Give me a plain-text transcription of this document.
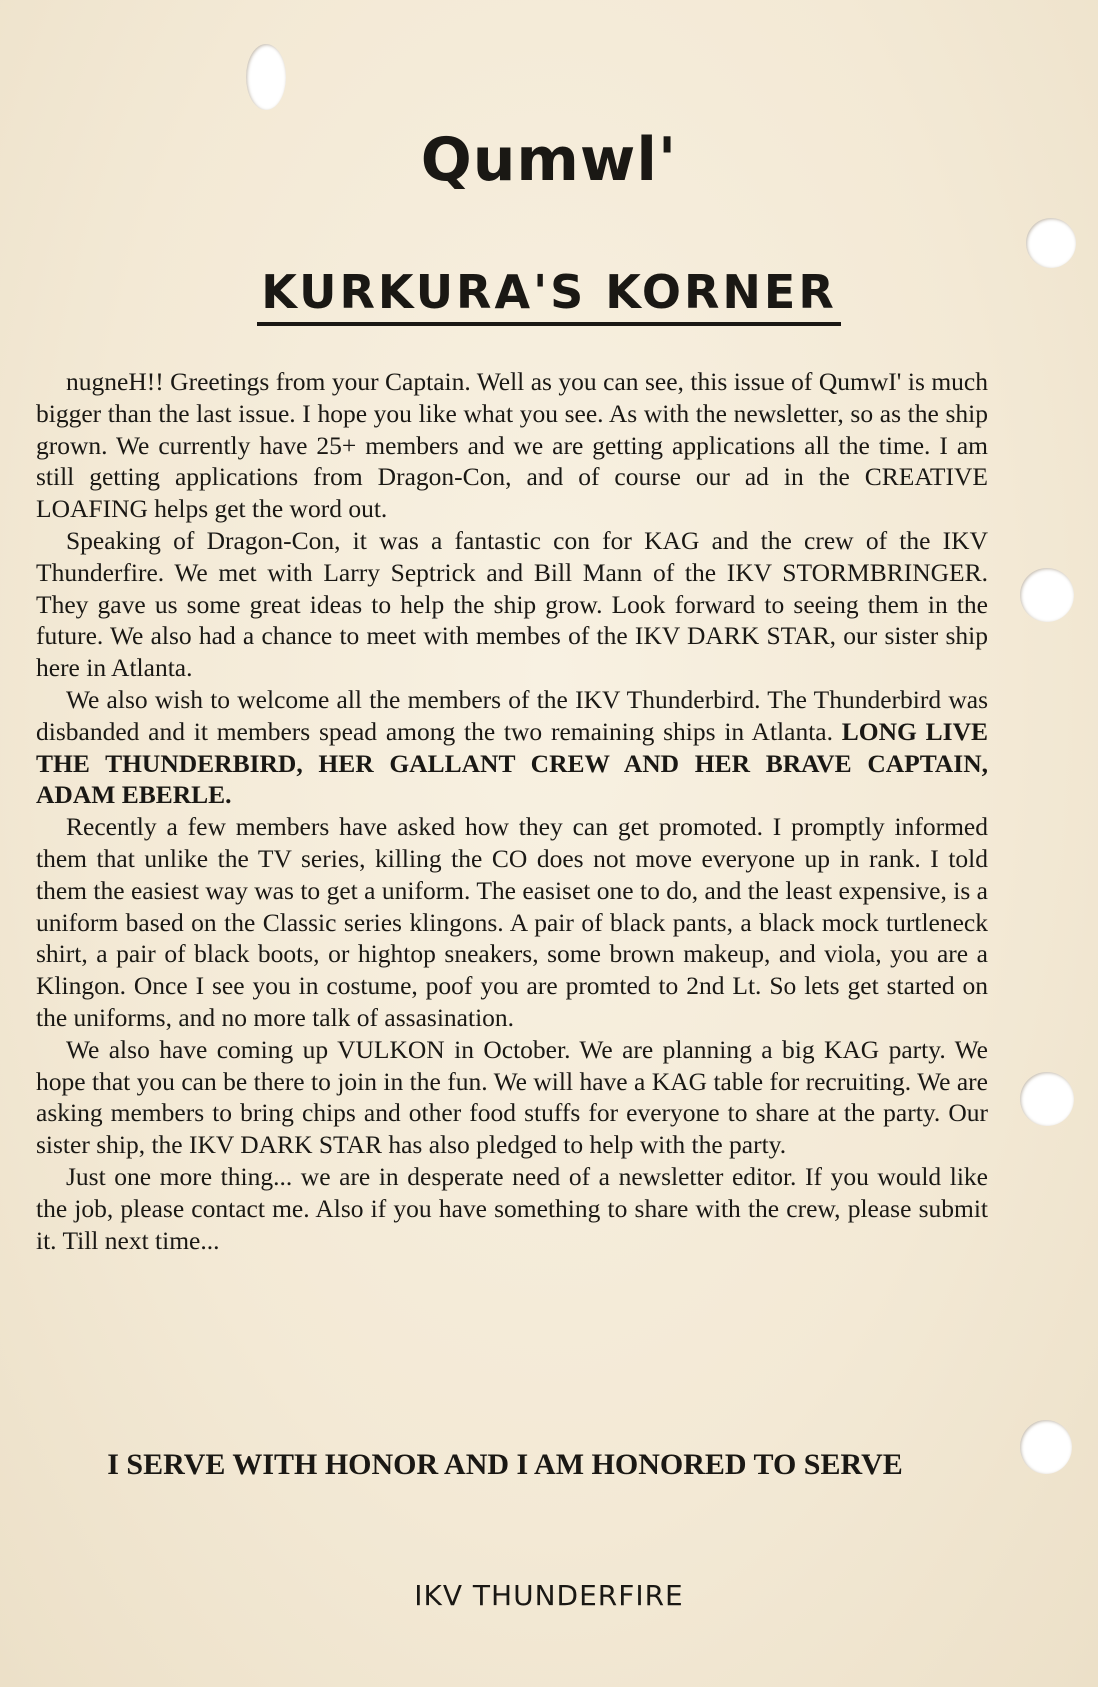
Qumwl'
KURKURA'S KORNER

nugneH!! Greetings from your Captain. Well as you can see, this issue of QumwI' is much bigger than the last issue. I hope you like what you see. As with the newsletter, so as the ship grown. We currently have 25+ members and we are getting applications all the time. I am still getting applications from Dragon-Con, and of course our ad in the CREATIVE LOAFING helps get the word out.

Speaking of Dragon-Con, it was a fantastic con for KAG and the crew of the IKV Thunderfire. We met with Larry Septrick and Bill Mann of the IKV STORMBRINGER. They gave us some great ideas to help the ship grow. Look forward to seeing them in the future. We also had a chance to meet with membes of the IKV DARK STAR, our sister ship here in Atlanta.

We also wish to welcome all the members of the IKV Thunderbird. The Thunderbird was disbanded and it members spead among the two remaining ships in Atlanta. LONG LIVE THE THUNDERBIRD, HER GALLANT CREW AND HER BRAVE CAPTAIN, ADAM EBERLE.

Recently a few members have asked how they can get promoted. I promptly informed them that unlike the TV series, killing the CO does not move everyone up in rank. I told them the easiest way was to get a uniform. The easiset one to do, and the least expensive, is a uniform based on the Classic series klingons. A pair of black pants, a black mock turtleneck shirt, a pair of black boots, or hightop sneakers, some brown makeup, and viola, you are a Klingon. Once I see you in costume, poof you are promted to 2nd Lt. So lets get started on the uniforms, and no more talk of assasination.

We also have coming up VULKON in October. We are planning a big KAG party. We hope that you can be there to join in the fun. We will have a KAG table for recruiting. We are asking members to bring chips and other food stuffs for everyone to share at the party. Our sister ship, the IKV DARK STAR has also pledged to help with the party.

Just one more thing... we are in desperate need of a newsletter editor. If you would like the job, please contact me. Also if you have something to share with the crew, please submit it. Till next time...

I SERVE WITH HONOR AND I AM HONORED TO SERVE

IKV THUNDERFIRE
